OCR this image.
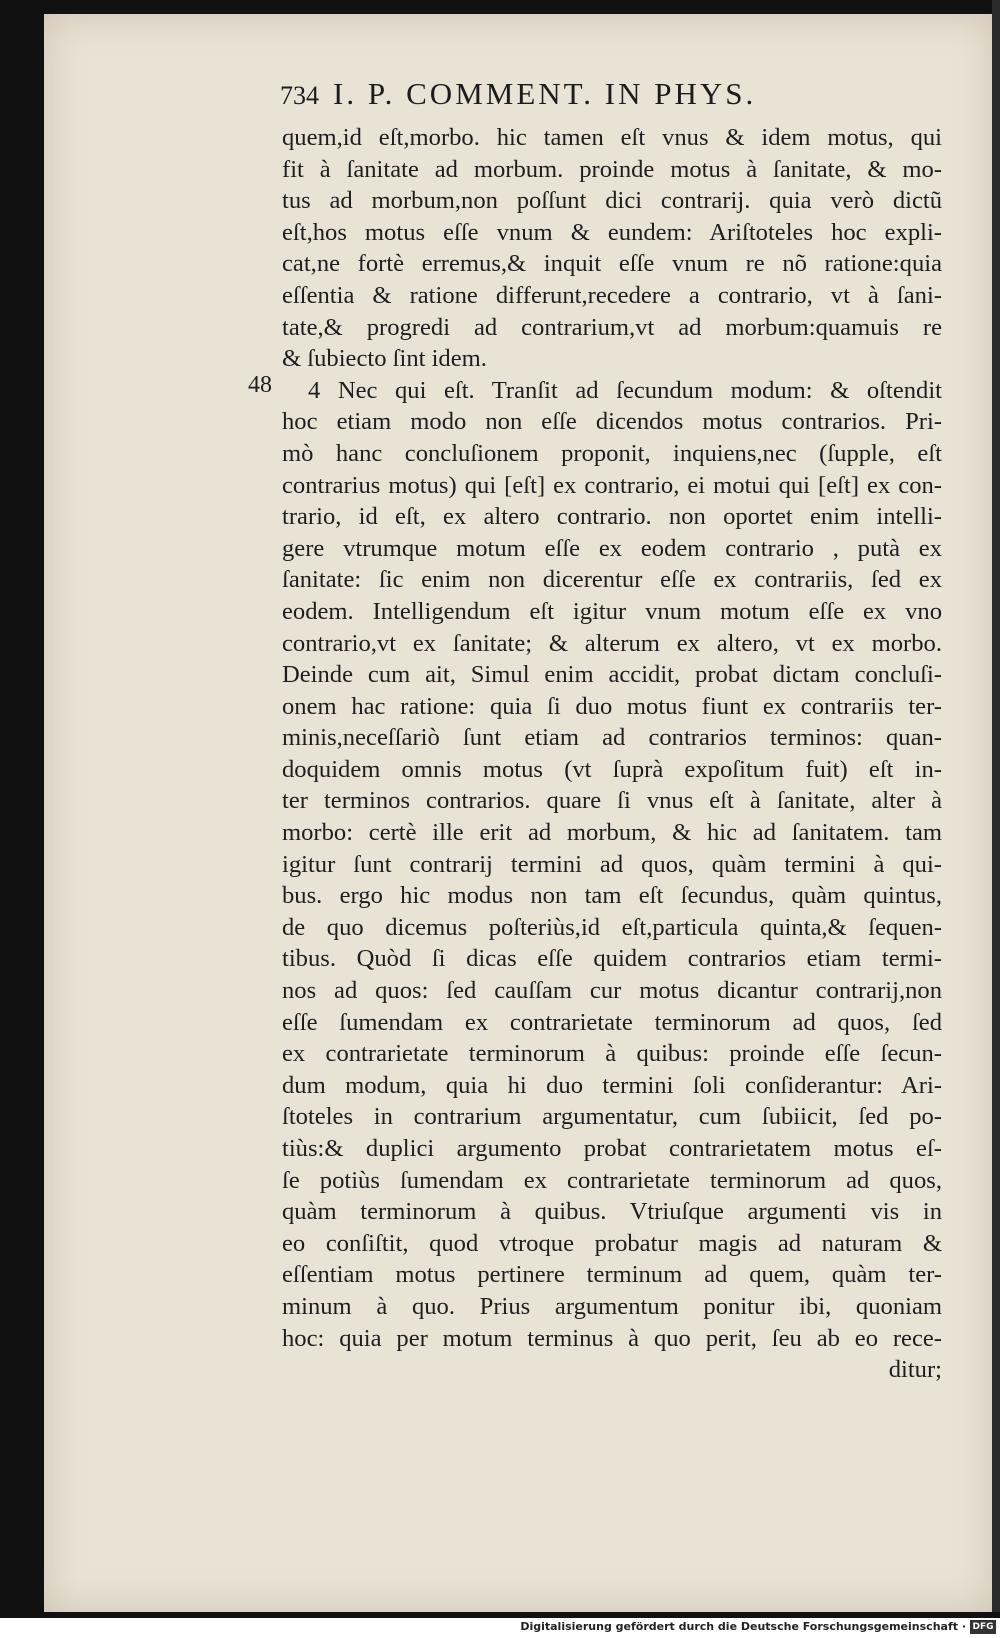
734 I. P. COMMENT. IN PHYS.
48
quem,id eſt,morbo. hic tamen eſt vnus & idem motus, qui
fit à ſanitate ad morbum. proinde motus à ſanitate, & mo-
tus ad morbum,non poſſunt dici contrarij. quia verò dictũ
eſt,hos motus eſſe vnum & eundem: Ariſtoteles hoc expli-
cat,ne fortè erremus,& inquit eſſe vnum re nõ ratione:quia
eſſentia & ratione differunt,recedere a contrario, vt à ſani-
tate,& progredi ad contrarium,vt ad morbum:quamuis re
& ſubiecto ſint idem.
4 Nec qui eſt. Tranſit ad ſecundum modum: & oſtendit
hoc etiam modo non eſſe dicendos motus contrarios. Pri-
mò hanc concluſionem proponit, inquiens,nec (ſupple, eſt
contrarius motus) qui [eſt] ex contrario, ei motui qui [eſt] ex con-
trario, id eſt, ex altero contrario. non oportet enim intelli-
gere vtrumque motum eſſe ex eodem contrario , putà ex
ſanitate: ſic enim non dicerentur eſſe ex contrariis, ſed ex
eodem. Intelligendum eſt igitur vnum motum eſſe ex vno
contrario,vt ex ſanitate; & alterum ex altero, vt ex morbo.
Deinde cum ait, Simul enim accidit, probat dictam concluſi-
onem hac ratione: quia ſi duo motus fiunt ex contrariis ter-
minis,neceſſariò ſunt etiam ad contrarios terminos: quan-
doquidem omnis motus (vt ſuprà expoſitum fuit) eſt in-
ter terminos contrarios. quare ſi vnus eſt à ſanitate, alter à
morbo: certè ille erit ad morbum, & hic ad ſanitatem. tam
igitur ſunt contrarij termini ad quos, quàm termini à qui-
bus. ergo hic modus non tam eſt ſecundus, quàm quintus,
de quo dicemus poſteriùs,id eſt,particula quinta,& ſequen-
tibus. Quòd ſi dicas eſſe quidem contrarios etiam termi-
nos ad quos: ſed cauſſam cur motus dicantur contrarij,non
eſſe ſumendam ex contrarietate terminorum ad quos, ſed
ex contrarietate terminorum à quibus: proinde eſſe ſecun-
dum modum, quia hi duo termini ſoli conſiderantur: Ari-
ſtoteles in contrarium argumentatur, cum ſubiicit, ſed po-
tiùs:& duplici argumento probat contrarietatem motus eſ-
ſe potiùs ſumendam ex contrarietate terminorum ad quos,
quàm terminorum à quibus. Vtriuſque argumenti vis in
eo conſiſtit, quod vtroque probatur magis ad naturam &
eſſentiam motus pertinere terminum ad quem, quàm ter-
minum à quo. Prius argumentum ponitur ibi, quoniam
hoc: quia per motum terminus à quo perit, ſeu ab eo rece-
ditur;
Digitalisierung gefördert durch die Deutsche Forschungsgemeinschaft · DFG
